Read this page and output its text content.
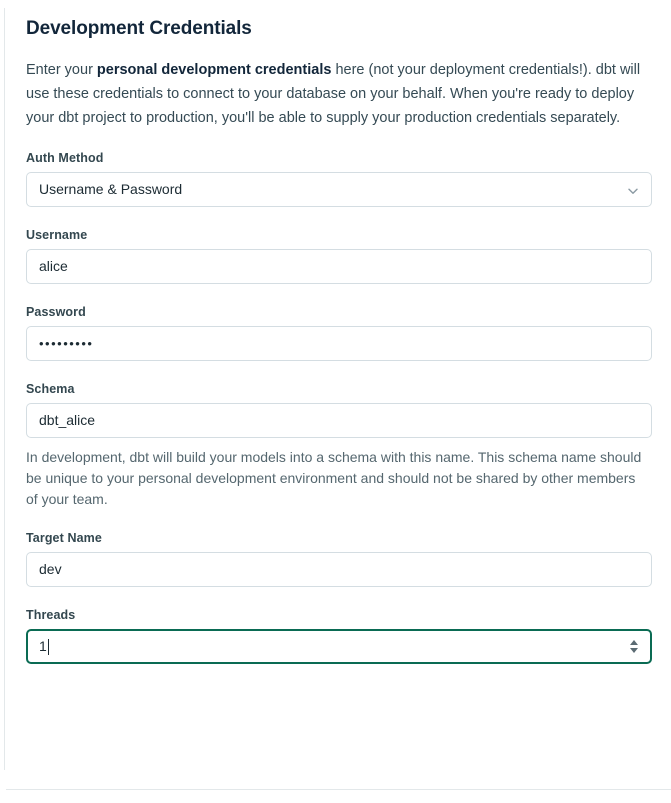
Development Credentials

Enter your personal development credentials here (not your deployment credentials!). dbt will use these credentials to connect to your database on your behalf. When you're ready to deploy your dbt project to production, you'll be able to supply your production credentials separately.

Auth Method
Username & Password
Username
alice
Password
•••••••••
Schema
dbt_alice
In development, dbt will build your models into a schema with this name. This schema name should be unique to your personal development environment and should not be shared by other members of your team.
Target Name
dev
Threads
1
